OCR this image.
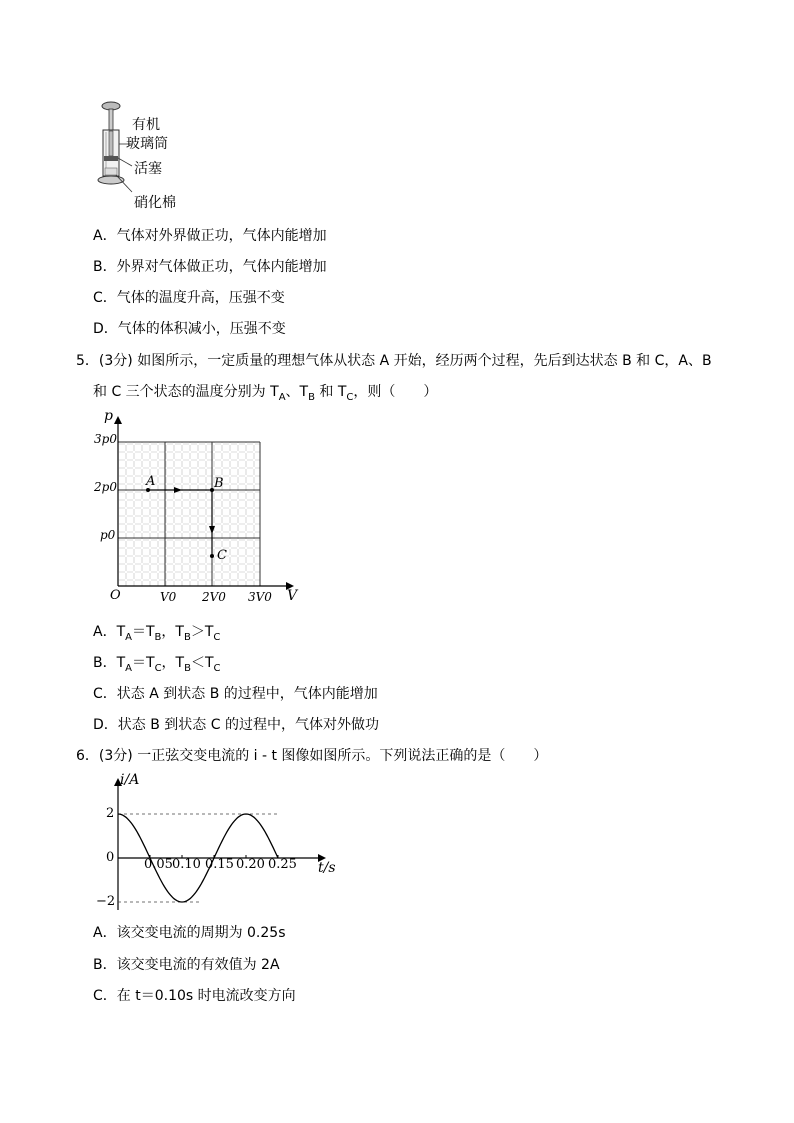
有机
玻璃筒
活塞
硝化棉
A．气体对外界做正功，气体内能增加
B．外界对气体做正功，气体内能增加
C．气体的温度升高，压强不变
D．气体的体积减小，压强不变
5．(3分) 如图所示，一定质量的理想气体从状态 A 开始，经历两个过程，先后到达状态 B 和 C，A、B
和 C 三个状态的温度分别为 $T_A$、$T_B$ 和 $T_C$，则（　　）
p
V
O
3p0
2p0
p0
V0 2V0 3V0
A	B
C
A．$T_A=T_B$，$T_B>T_C$
B．$T_A=T_C$，$T_B<T_C$
C．状态 A 到状态 B 的过程中，气体内能增加
D．状态 B 到状态 C 的过程中，气体对外做功
6．(3分) 一正弦交变电流的 i - t 图像如图所示。下列说法正确的是（　　）
i/A
t/s
2
0
−2
0.05 0.10 0.15 0.20 0.25
A．该交变电流的周期为 0.25s
B．该交变电流的有效值为 2A
C．在 t＝0.10s 时电流改变方向
